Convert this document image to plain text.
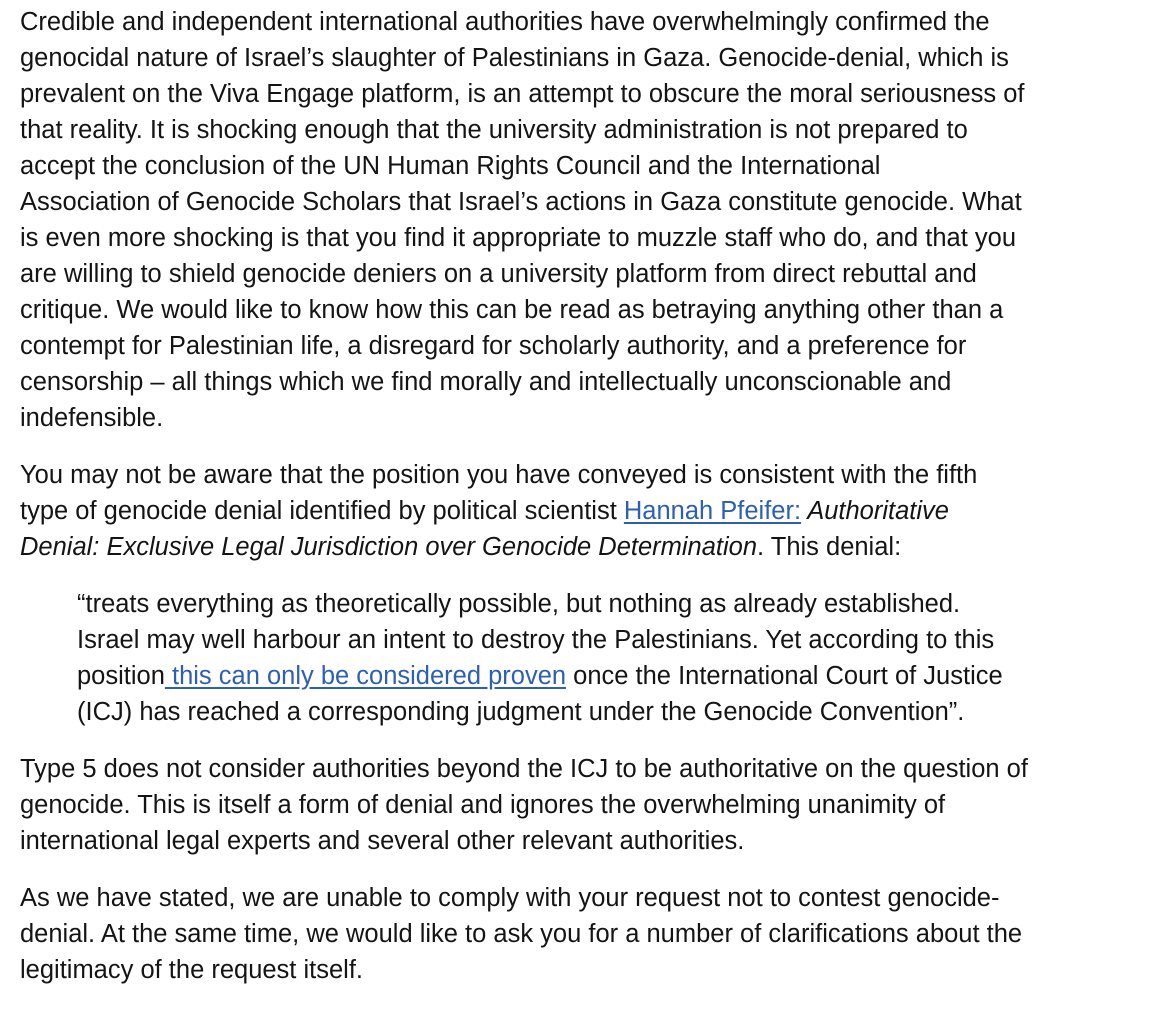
Credible and independent international authorities have overwhelmingly confirmed the
genocidal nature of Israel’s slaughter of Palestinians in Gaza. Genocide-denial, which is
prevalent on the Viva Engage platform, is an attempt to obscure the moral seriousness of
that reality. It is shocking enough that the university administration is not prepared to
accept the conclusion of the UN Human Rights Council and the International
Association of Genocide Scholars that Israel’s actions in Gaza constitute genocide. What
is even more shocking is that you find it appropriate to muzzle staff who do, and that you
are willing to shield genocide deniers on a university platform from direct rebuttal and
critique. We would like to know how this can be read as betraying anything other than a
contempt for Palestinian life, a disregard for scholarly authority, and a preference for
censorship – all things which we find morally and intellectually unconscionable and
indefensible.

You may not be aware that the position you have conveyed is consistent with the fifth
type of genocide denial identified by political scientist Hannah Pfeifer: Authoritative
Denial: Exclusive Legal Jurisdiction over Genocide Determination. This denial:

“treats everything as theoretically possible, but nothing as already established.
Israel may well harbour an intent to destroy the Palestinians. Yet according to this
position this can only be considered proven once the International Court of Justice
(ICJ) has reached a corresponding judgment under the Genocide Convention”.

Type 5 does not consider authorities beyond the ICJ to be authoritative on the question of
genocide. This is itself a form of denial and ignores the overwhelming unanimity of
international legal experts and several other relevant authorities.

As we have stated, we are unable to comply with your request not to contest genocide-
denial. At the same time, we would like to ask you for a number of clarifications about the
legitimacy of the request itself.
